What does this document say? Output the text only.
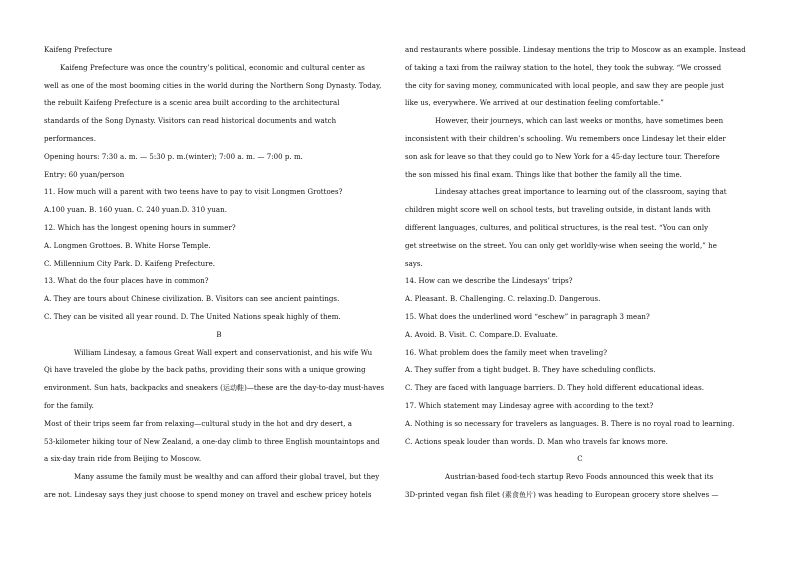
Kaifeng Prefecture
Kaifeng Prefecture was once the country’s political, economic and cultural center as
well as one of the most booming cities in the world during the Northern Song Dynasty. Today,
the rebuilt Kaifeng Prefecture is a scenic area built according to the architectural
standards of the Song Dynasty. Visitors can read historical documents and watch
performances.
Opening hours: 7:30 a. m. — 5:30 p. m.(winter); 7:00 a. m. — 7:00 p. m.
Entry: 60 yuan/person
11. How much will a parent with two teens have to pay to visit Longmen Grottoes?
A.100 yuan. B. 160 yuan. C. 240 yuan.D. 310 yuan.
12. Which has the longest opening hours in summer?
A. Longmen Grottoes. B. White Horse Temple.
C. Millennium City Park. D. Kaifeng Prefecture.
13. What do the four places have in common?
A. They are tours about Chinese civilization. B. Visitors can see ancient paintings.
C. They can be visited all year round. D. The United Nations speak highly of them.
B
William Lindesay, a famous Great Wall expert and conservationist, and his wife Wu
Qi have traveled the globe by the back paths, providing their sons with a unique growing
environment. Sun hats, backpacks and sneakers (运动鞋)—these are the day-to-day must-haves
for the family.
Most of their trips seem far from relaxing—cultural study in the hot and dry desert, a
53-kilometer hiking tour of New Zealand, a one-day climb to three English mountaintops and
a six-day train ride from Beijing to Moscow.
Many assume the family must be wealthy and can afford their global travel, but they
are not. Lindesay says they just choose to spend money on travel and eschew pricey hotels
and restaurants where possible. Lindesay mentions the trip to Moscow as an example. Instead
of taking a taxi from the railway station to the hotel, they took the subway. “We crossed
the city for saving money, communicated with local people, and saw they are people just
like us, everywhere. We arrived at our destination feeling comfortable.”
However, their journeys, which can last weeks or months, have sometimes been
inconsistent with their children’s schooling. Wu remembers once Lindesay let their elder
son ask for leave so that they could go to New York for a 45-day lecture tour. Therefore
the son missed his final exam. Things like that bother the family all the time.
Lindesay attaches great importance to learning out of the classroom, saying that
children might score well on school tests, but traveling outside, in distant lands with
different languages, cultures, and political structures, is the real test. “You can only
get streetwise on the street. You can only get worldly-wise when seeing the world,” he
says.
14. How can we describe the Lindesays’ trips?
A. Pleasant. B. Challenging. C. relaxing.D. Dangerous.
15. What does the underlined word “eschew” in paragraph 3 mean?
A. Avoid. B. Visit. C. Compare.D. Evaluate.
16. What problem does the family meet when traveling?
A. They suffer from a tight budget. B. They have scheduling conflicts.
C. They are faced with language barriers. D. They hold different educational ideas.
17. Which statement may Lindesay agree with according to the text?
A. Nothing is so necessary for travelers as languages. B. There is no royal road to learning.
C. Actions speak louder than words. D. Man who travels far knows more.
C
Austrian-based food-tech startup Revo Foods announced this week that its
3D-printed vegan fish filet (素食鱼片) was heading to European grocery store shelves —
